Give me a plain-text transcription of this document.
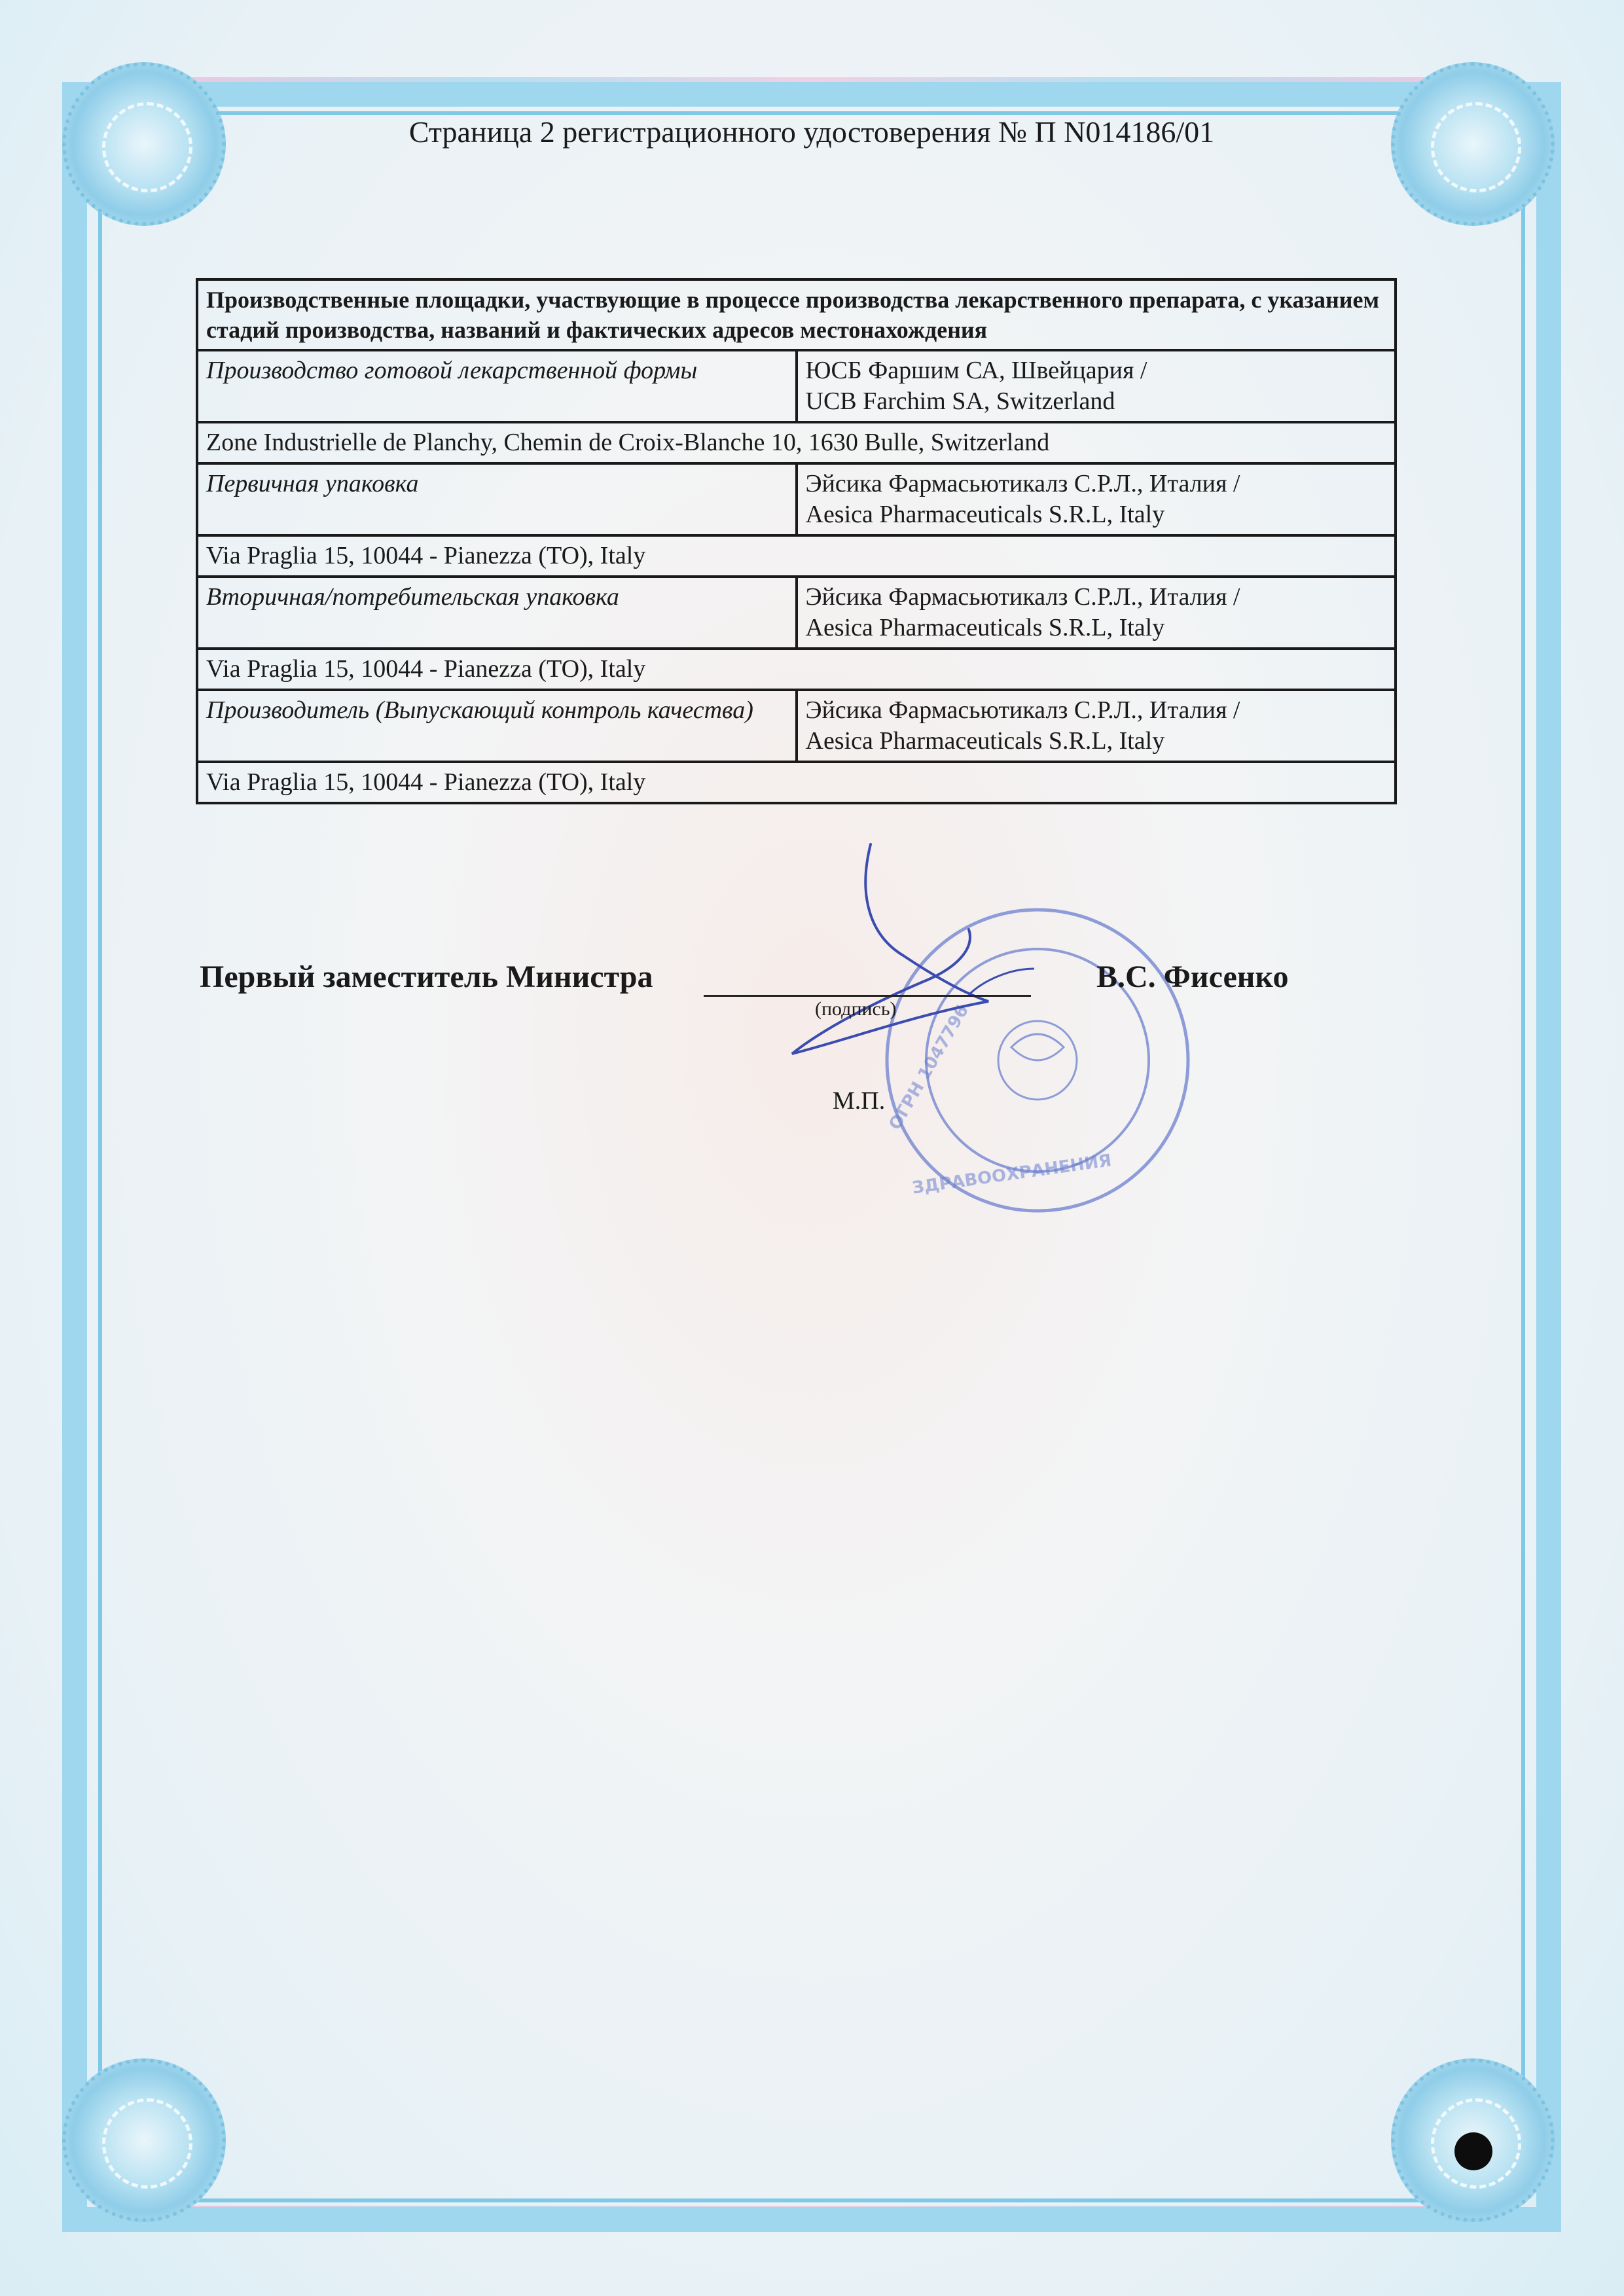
Страница 2 регистрационного удостоверения № П N014186/01
Производственные площадки, участвующие в процессе производства лекарственного препарата, с указанием стадий производства, названий и фактических адресов местонахождения	
Производство готовой лекарственной формы	ЮСБ Фаршим СА, Швейцария /
UCB Farchim SA, Switzerland

Zone Industrielle de Planchy, Chemin de Croix-Blanche 10, 1630 Bulle, Switzerland	
Первичная упаковка	Эйсика Фармасьютикалз С.Р.Л., Италия /
Aesica Pharmaceuticals S.R.L, Italy

Via Praglia 15, 10044 - Pianezza (TO), Italy	
Вторичная/потребительская упаковка	Эйсика Фармасьютикалз С.Р.Л., Италия /
Aesica Pharmaceuticals S.R.L, Italy

Via Praglia 15, 10044 - Pianezza (TO), Italy	
Производитель (Выпускающий контроль качества)	Эйсика Фармасьютикалз С.Р.Л., Италия /
Aesica Pharmaceuticals S.R.L, Italy

Via Praglia 15, 10044 - Pianezza (TO), Italy	
ЗДРАВООХРАНЕНИЯ
ОГРН 1047796
Первый заместитель Министра	В.С. Фисенко
(подпись)
М.П.
